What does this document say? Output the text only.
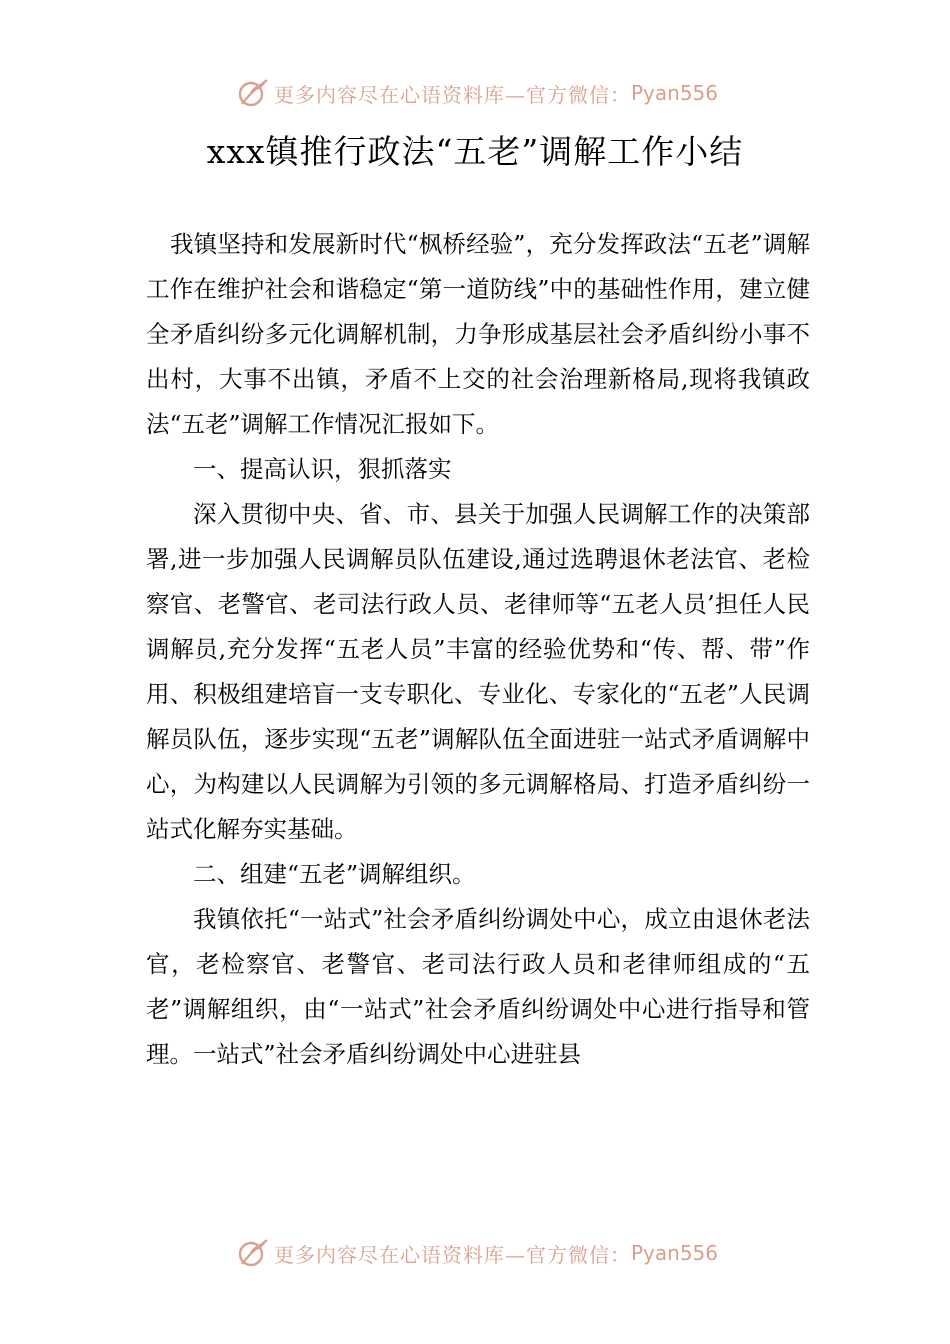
更多内容尽在心语资料库—官方微信： Pyan556
xxx镇推行政法“五老”调解工作小结

我镇坚持和发展新时代“枫桥经验”，充分发挥政法“五老”调解工作在维护社会和谐稳定“第一道防线”中的基础性作用，建立健全矛盾纠纷多元化调解机制，力争形成基层社会矛盾纠纷小事不出村，大事不出镇，矛盾不上交的社会治理新格局,现将我镇政法“五老”调解工作情况汇报如下。

一、提高认识，狠抓落实

深入贯彻中央、省、市、县关于加强人民调解工作的决策部署,进一步加强人民调解员队伍建设,通过选聘退休老法官、老检察官、老警官、老司法行政人员、老律师等“五老人员’担任人民调解员,充分发挥“五老人员”丰富的经验优势和“传、帮、带”作用、积极组建培盲一支专职化、专业化、专家化的“五老”人民调解员队伍，逐步实现“五老”调解队伍全面进驻一站式矛盾调解中心，为构建以人民调解为引领的多元调解格局、打造矛盾纠纷一站式化解夯实基础。

二、组建“五老”调解组织。

我镇依托“一站式”社会矛盾纠纷调处中心，成立由退休老法官，老检察官、老警官、老司法行政人员和老律师组成的“五老”调解组织，由“一站式”社会矛盾纠纷调处中心进行指导和管理。一站式”社会矛盾纠纷调处中心进驻县

更多内容尽在心语资料库—官方微信： Pyan556
